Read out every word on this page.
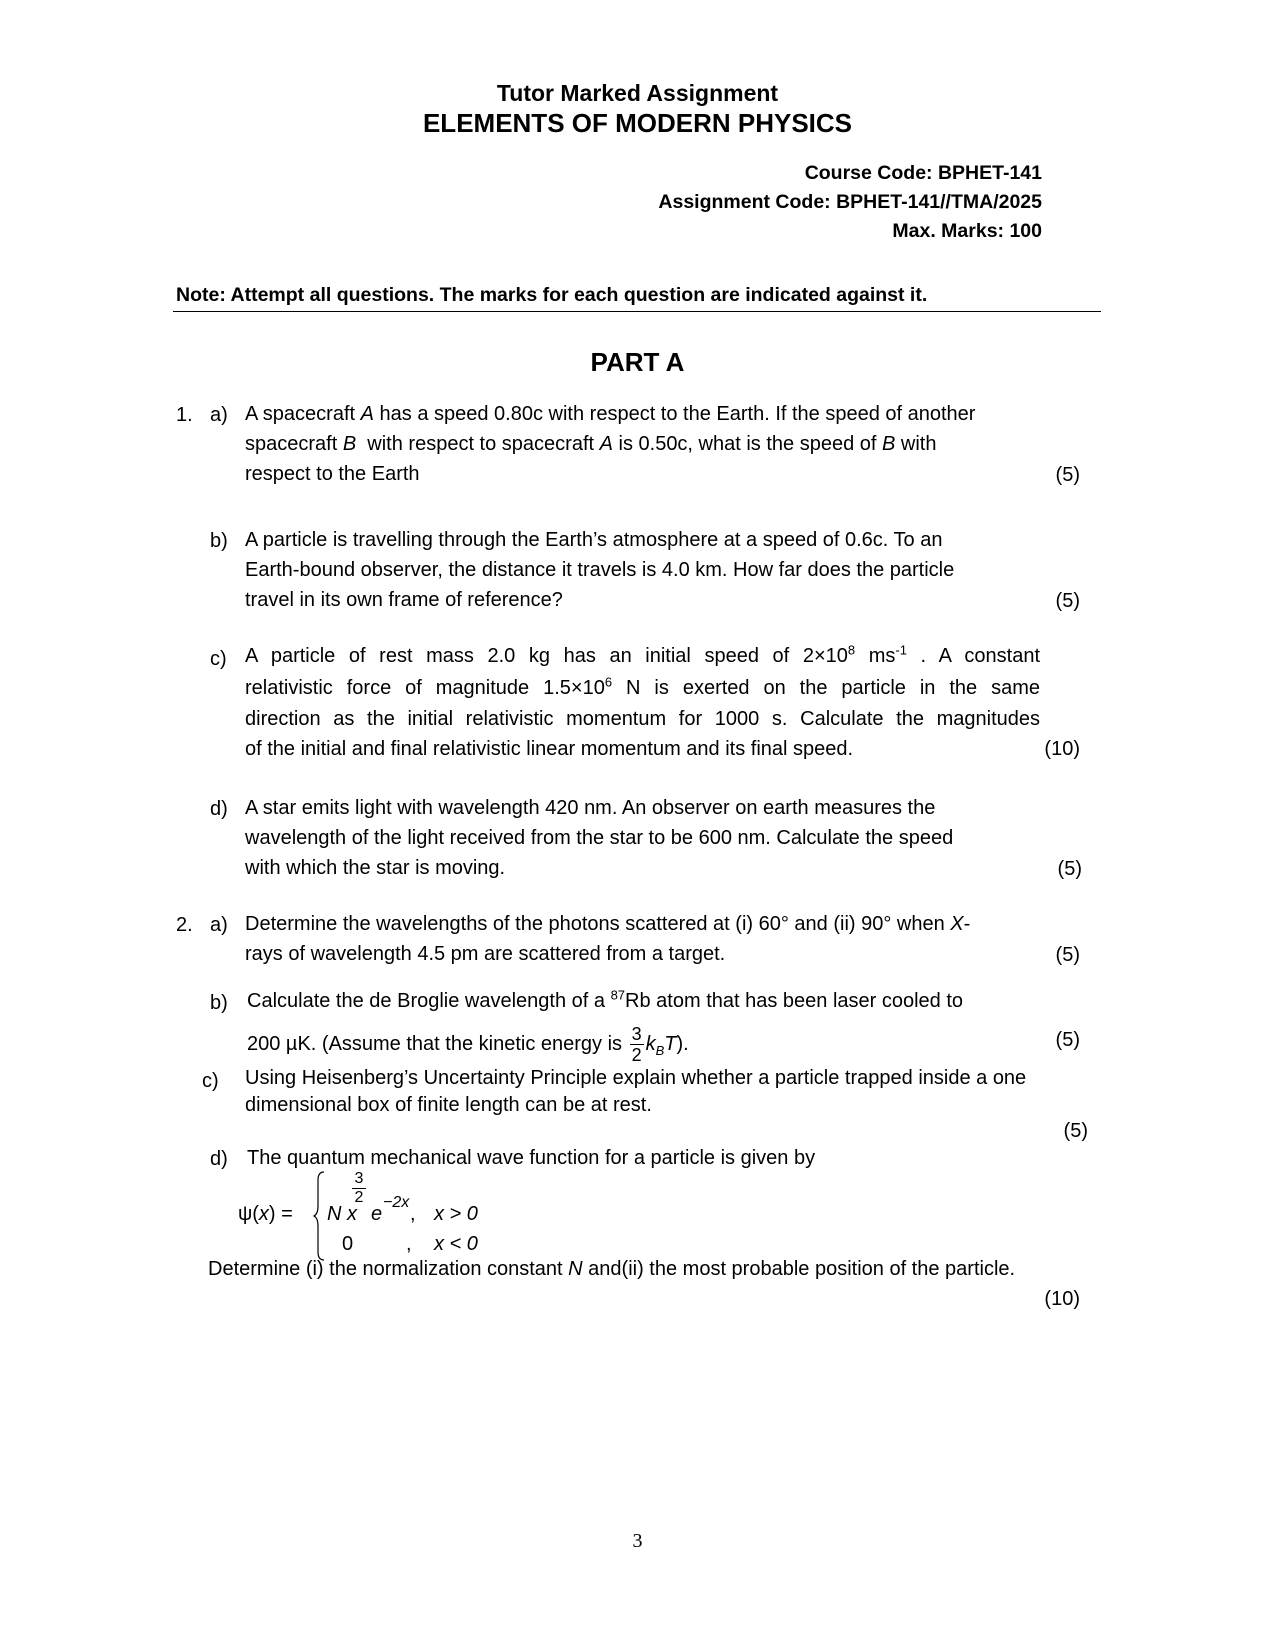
Tutor Marked Assignment
ELEMENTS OF MODERN PHYSICS
Course Code: BPHET-141
Assignment Code: BPHET-141//TMA/2025
Max. Marks: 100
Note: Attempt all questions. The marks for each question are indicated against it.
PART A
1. a) A spacecraft A has a speed 0.80c with respect to the Earth. If the speed of another
spacecraft B  with respect to spacecraft A is 0.50c, what is the speed of B with
respect to the Earth	(5)
b) A particle is travelling through the Earth’s atmosphere at a speed of 0.6c. To an
Earth-bound observer, the distance it travels is 4.0 km. How far does the particle
travel in its own frame of reference?	(5)
c) A particle of rest mass 2.0 kg has an initial speed of $2\times 10^8$ $ms^{-1}$ . A constant
relativistic force of magnitude $1.5\times 10^6$ N is exerted on the particle in the same
direction as the initial relativistic momentum for 1000 s. Calculate the magnitudes
of the initial and final relativistic linear momentum and its final speed.	(10)
d) A star emits light with wavelength 420 nm. An observer on earth measures the
wavelength of the light received from the star to be 600 nm. Calculate the speed
with which the star is moving.	(5)
2. a) Determine the wavelengths of the photons scattered at (i) 60° and (ii) 90° when X-
rays of wavelength 4.5 pm are scattered from a target.	(5)
b) Calculate the de Broglie wavelength of a $^{87}$Rb atom that has been laser cooled to
200 µK. (Assume that the kinetic energy is $\frac{3}{2} k_BT$).	(5)
c) Using Heisenberg’s Uncertainty Principle explain whether a particle trapped inside a one
dimensional box of finite length can be at rest.
(5)
d) The quantum mechanical wave function for a particle is given by
ψ(x) = N x
3
2
e
−2x
, x > 0
0	, x < 0
Determine (i) the normalization constant N and(ii) the most probable position of the particle.
(10)
3
